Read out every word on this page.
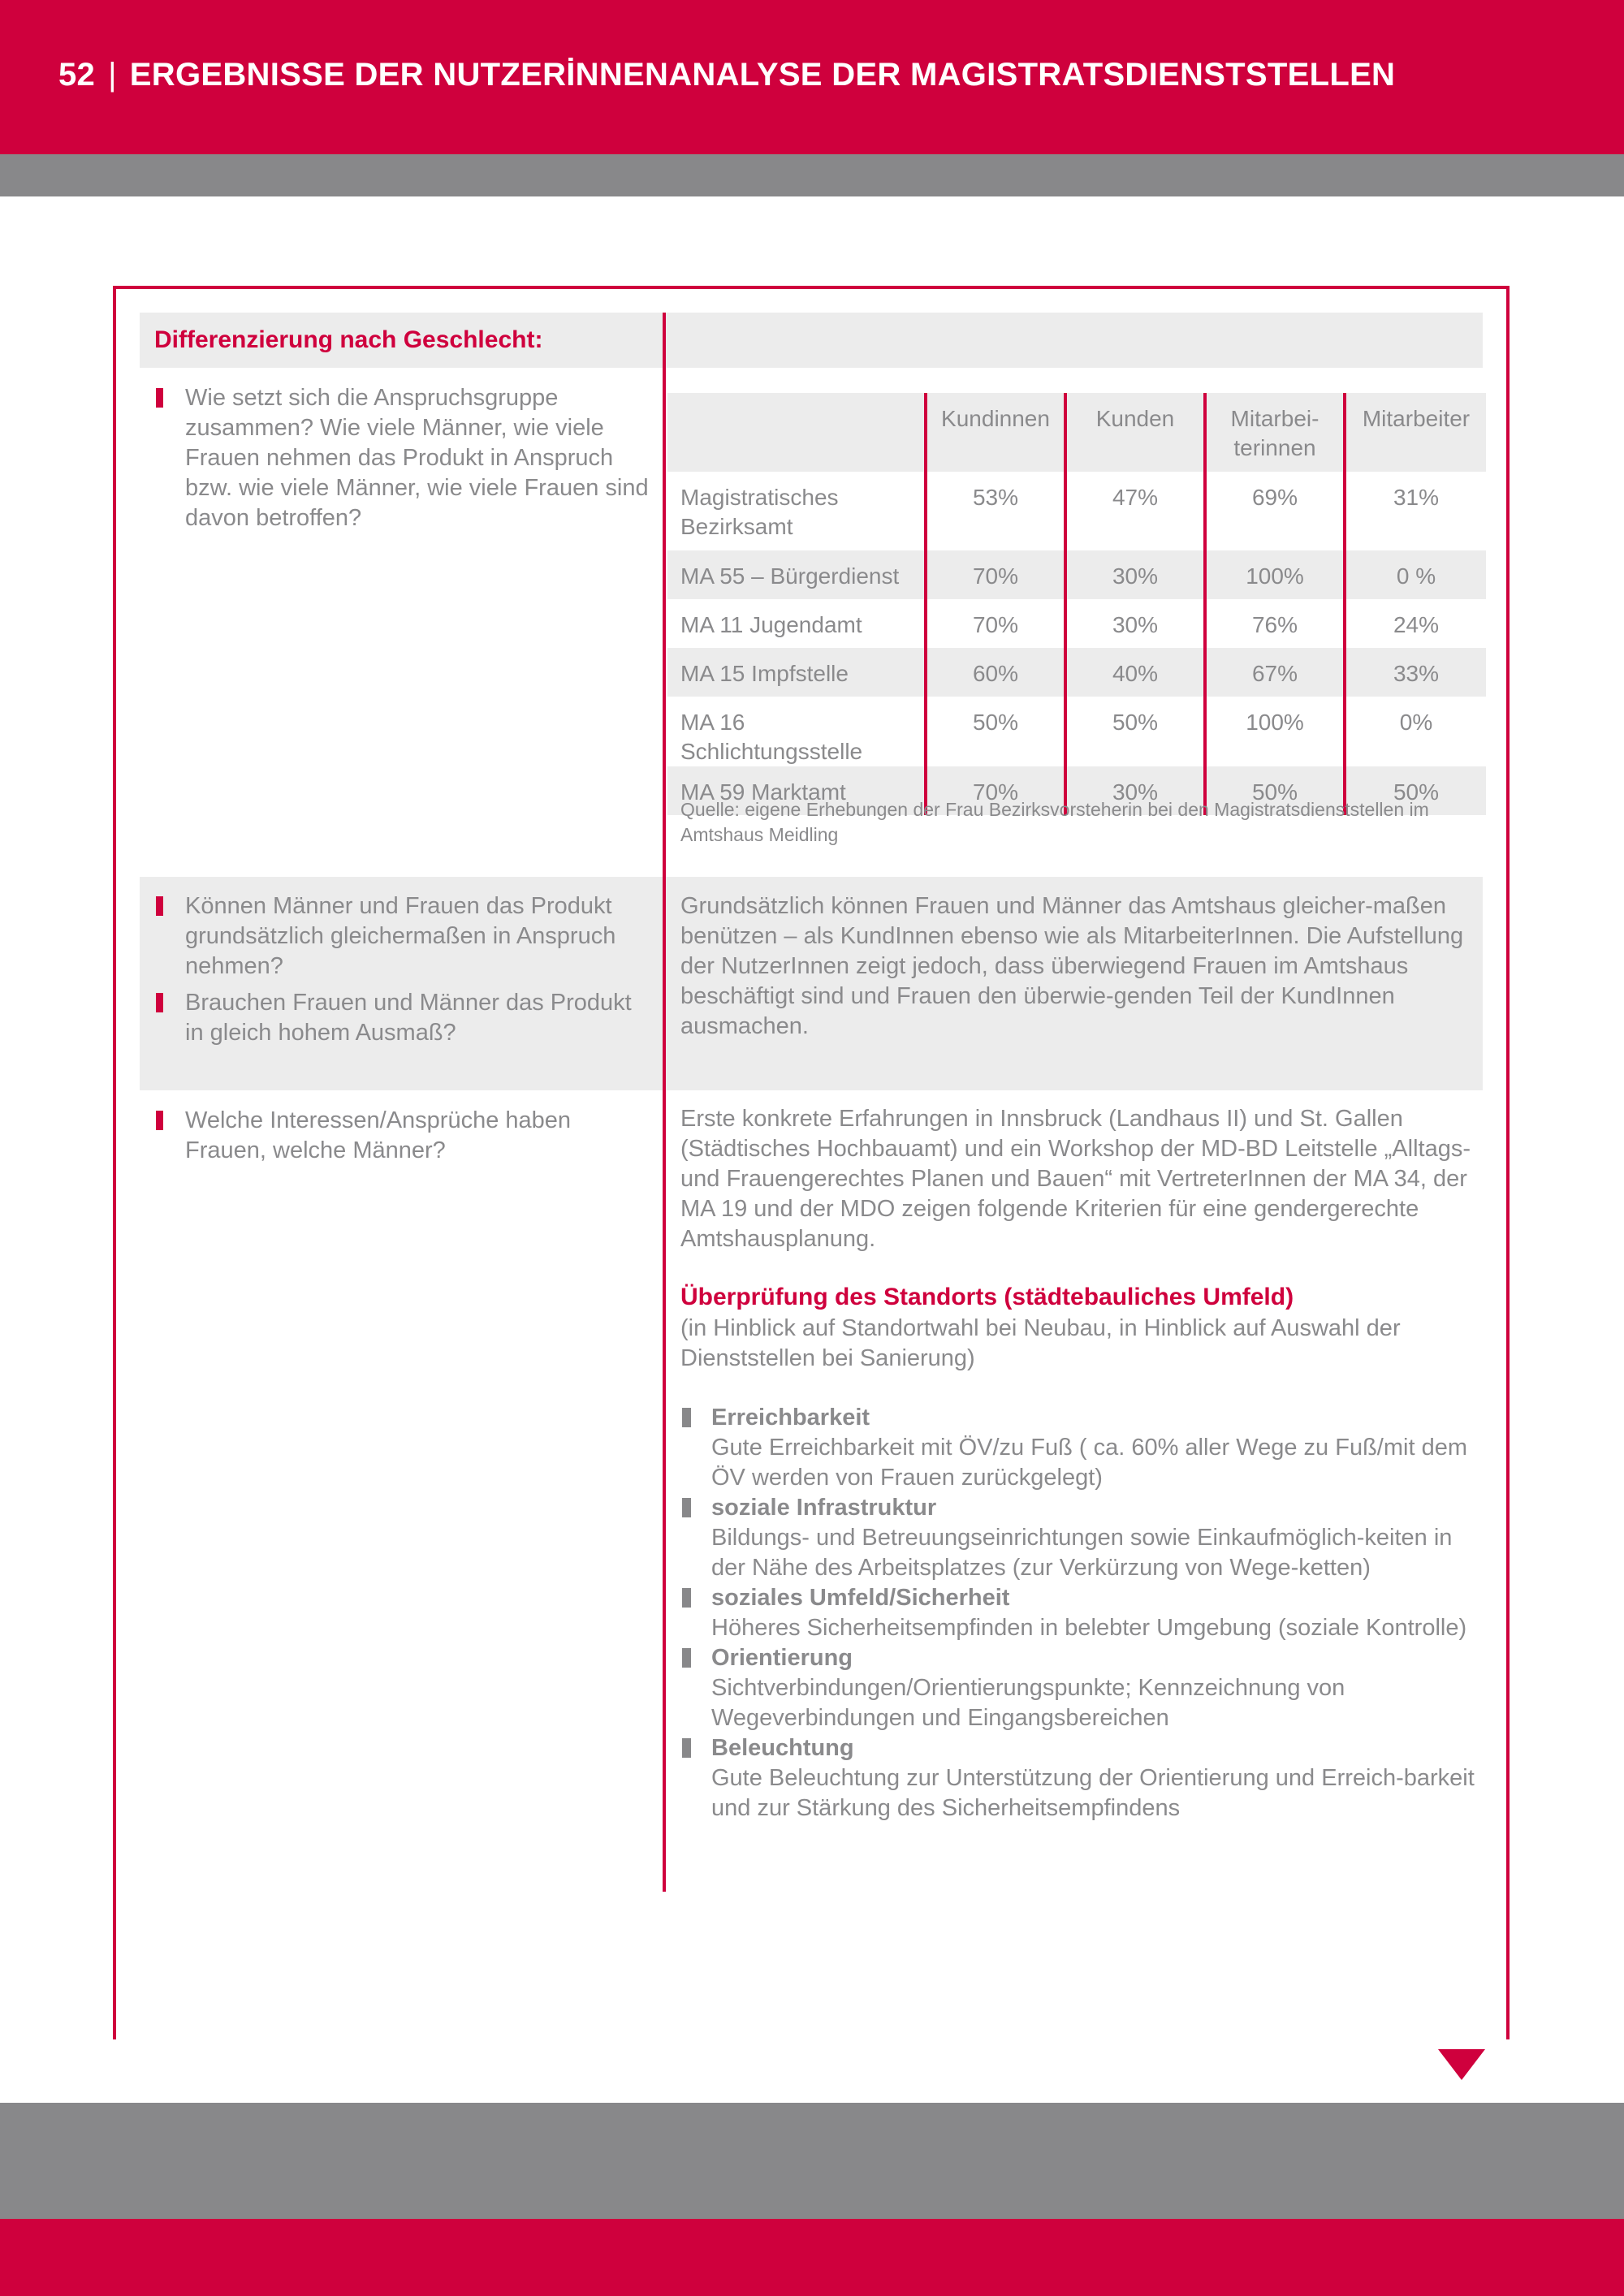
52 | ERGEBNISSE DER NUTZERİNNENANALYSE DER MAGISTRATSDIENSTSTELLEN
Differenzierung nach Geschlecht:
Wie setzt sich die Anspruchsgruppe zusammen? Wie viele Männer, wie viele Frauen nehmen das Produkt in Anspruch bzw. wie viele Männer, wie viele Frauen sind davon betroffen?
Können Männer und Frauen das Produkt grundsätzlich gleichermaßen in Anspruch nehmen?
Brauchen Frauen und Männer das Produkt in gleich hohem Ausmaß?
Welche Interessen/Ansprüche haben Frauen, welche Männer?
	Kundinnen	Kunden	Mitarbei-
terinnen	Mitarbeiter
Magistratisches Bezirksamt	53%	47%	69%	31%
MA 55 – Bürgerdienst	70%	30%	100%	0 %
MA 11 Jugendamt	70%	30%	76%	24%
MA 15 Impfstelle	60%	40%	67%	33%
MA 16 Schlichtungsstelle	50%	50%	100%	0%
MA 59 Marktamt	70%	30%	50%	50%
Quelle: eigene Erhebungen der Frau Bezirksvorsteherin bei den Magistratsdienststellen im Amtshaus Meidling

Grundsätzlich können Frauen und Männer das Amtshaus gleicher-maßen benützen – als KundInnen ebenso wie als MitarbeiterInnen. Die Aufstellung der NutzerInnen zeigt jedoch, dass überwiegend Frauen im Amtshaus beschäftigt sind und Frauen den überwie-genden Teil der KundInnen ausmachen.

Erste konkrete Erfahrungen in Innsbruck (Landhaus II) und St. Gallen (Städtisches Hochbauamt) und ein Workshop der MD-BD Leitstelle „Alltags- und Frauengerechtes Planen und Bauen“ mit VertreterInnen der MA 34, der MA 19 und der MDO zeigen folgende Kriterien für eine gendergerechte Amtshausplanung.

Überprüfung des Standorts (städtebauliches Umfeld)

(in Hinblick auf Standortwahl bei Neubau, in Hinblick auf Auswahl der Dienststellen bei Sanierung)

Erreichbarkeit
Gute Erreichbarkeit mit ÖV/zu Fuß ( ca. 60% aller Wege zu Fuß/mit dem ÖV werden von Frauen zurückgelegt)
soziale Infrastruktur
Bildungs- und Betreuungseinrichtungen sowie Einkaufmöglich-keiten in der Nähe des Arbeitsplatzes (zur Verkürzung von Wege-ketten)
soziales Umfeld/Sicherheit
Höheres Sicherheitsempfinden in belebter Umgebung (soziale Kontrolle)
Orientierung
Sichtverbindungen/Orientierungspunkte; Kennzeichnung von Wegeverbindungen und Eingangsbereichen
Beleuchtung
Gute Beleuchtung zur Unterstützung der Orientierung und Erreich-barkeit und zur Stärkung des Sicherheitsempfindens
